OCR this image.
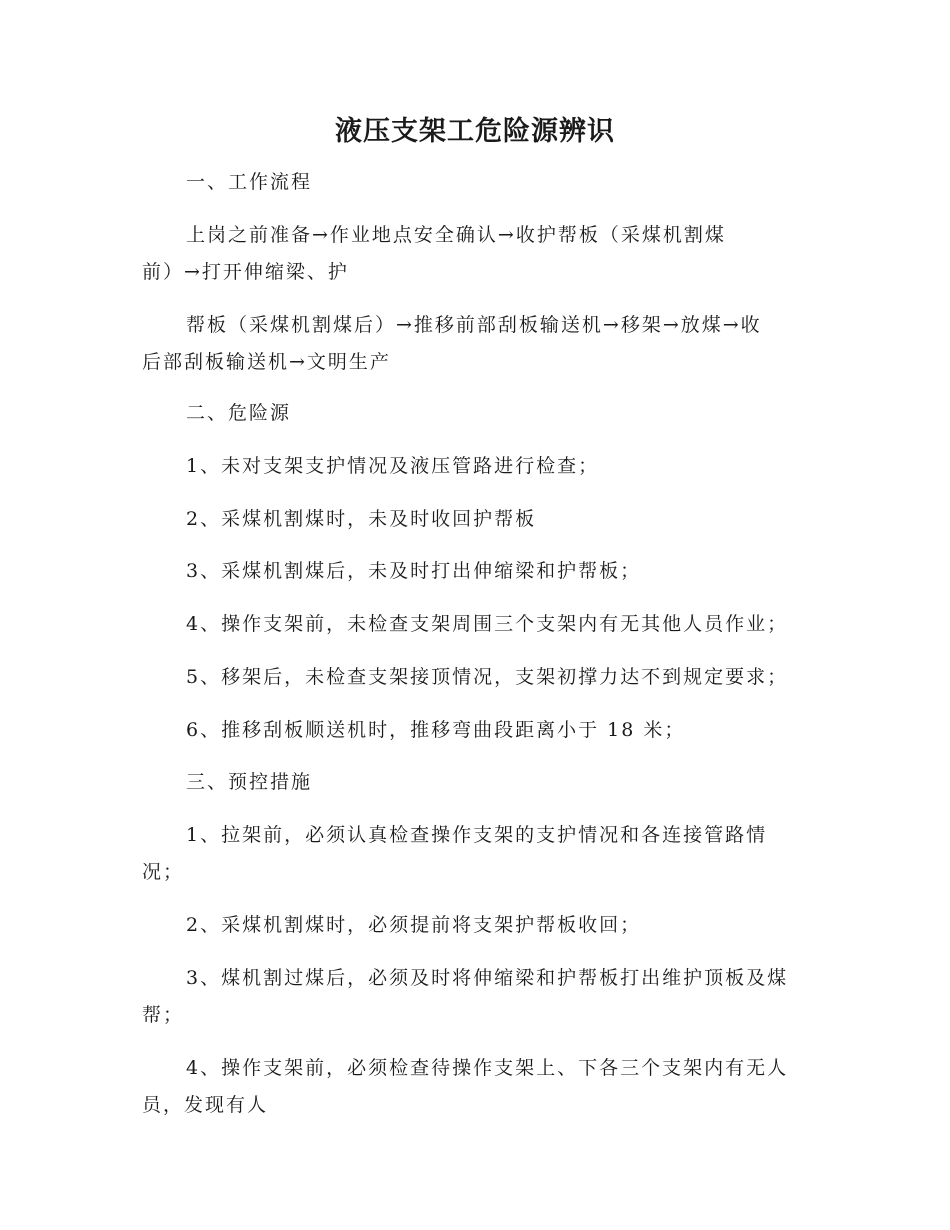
液压支架工危险源辨识

一、工作流程

上岗之前准备→作业地点安全确认→收护帮板（采煤机割煤
前）→打开伸缩梁、护

帮板（采煤机割煤后）→推移前部刮板输送机→移架→放煤→收
后部刮板输送机→文明生产

二、危险源

1、未对支架支护情况及液压管路进行检查；

2、采煤机割煤时，未及时收回护帮板

3、采煤机割煤后，未及时打出伸缩梁和护帮板；

4、操作支架前，未检查支架周围三个支架内有无其他人员作业；

5、移架后，未检查支架接顶情况，支架初撑力达不到规定要求；

6、推移刮板顺送机时，推移弯曲段距离小于 18 米；

三、预控措施

1、拉架前，必须认真检查操作支架的支护情况和各连接管路情
况；

2、采煤机割煤时，必须提前将支架护帮板收回；

3、煤机割过煤后，必须及时将伸缩梁和护帮板打出维护顶板及煤
帮；

4、操作支架前，必须检查待操作支架上、下各三个支架内有无人
员，发现有人
